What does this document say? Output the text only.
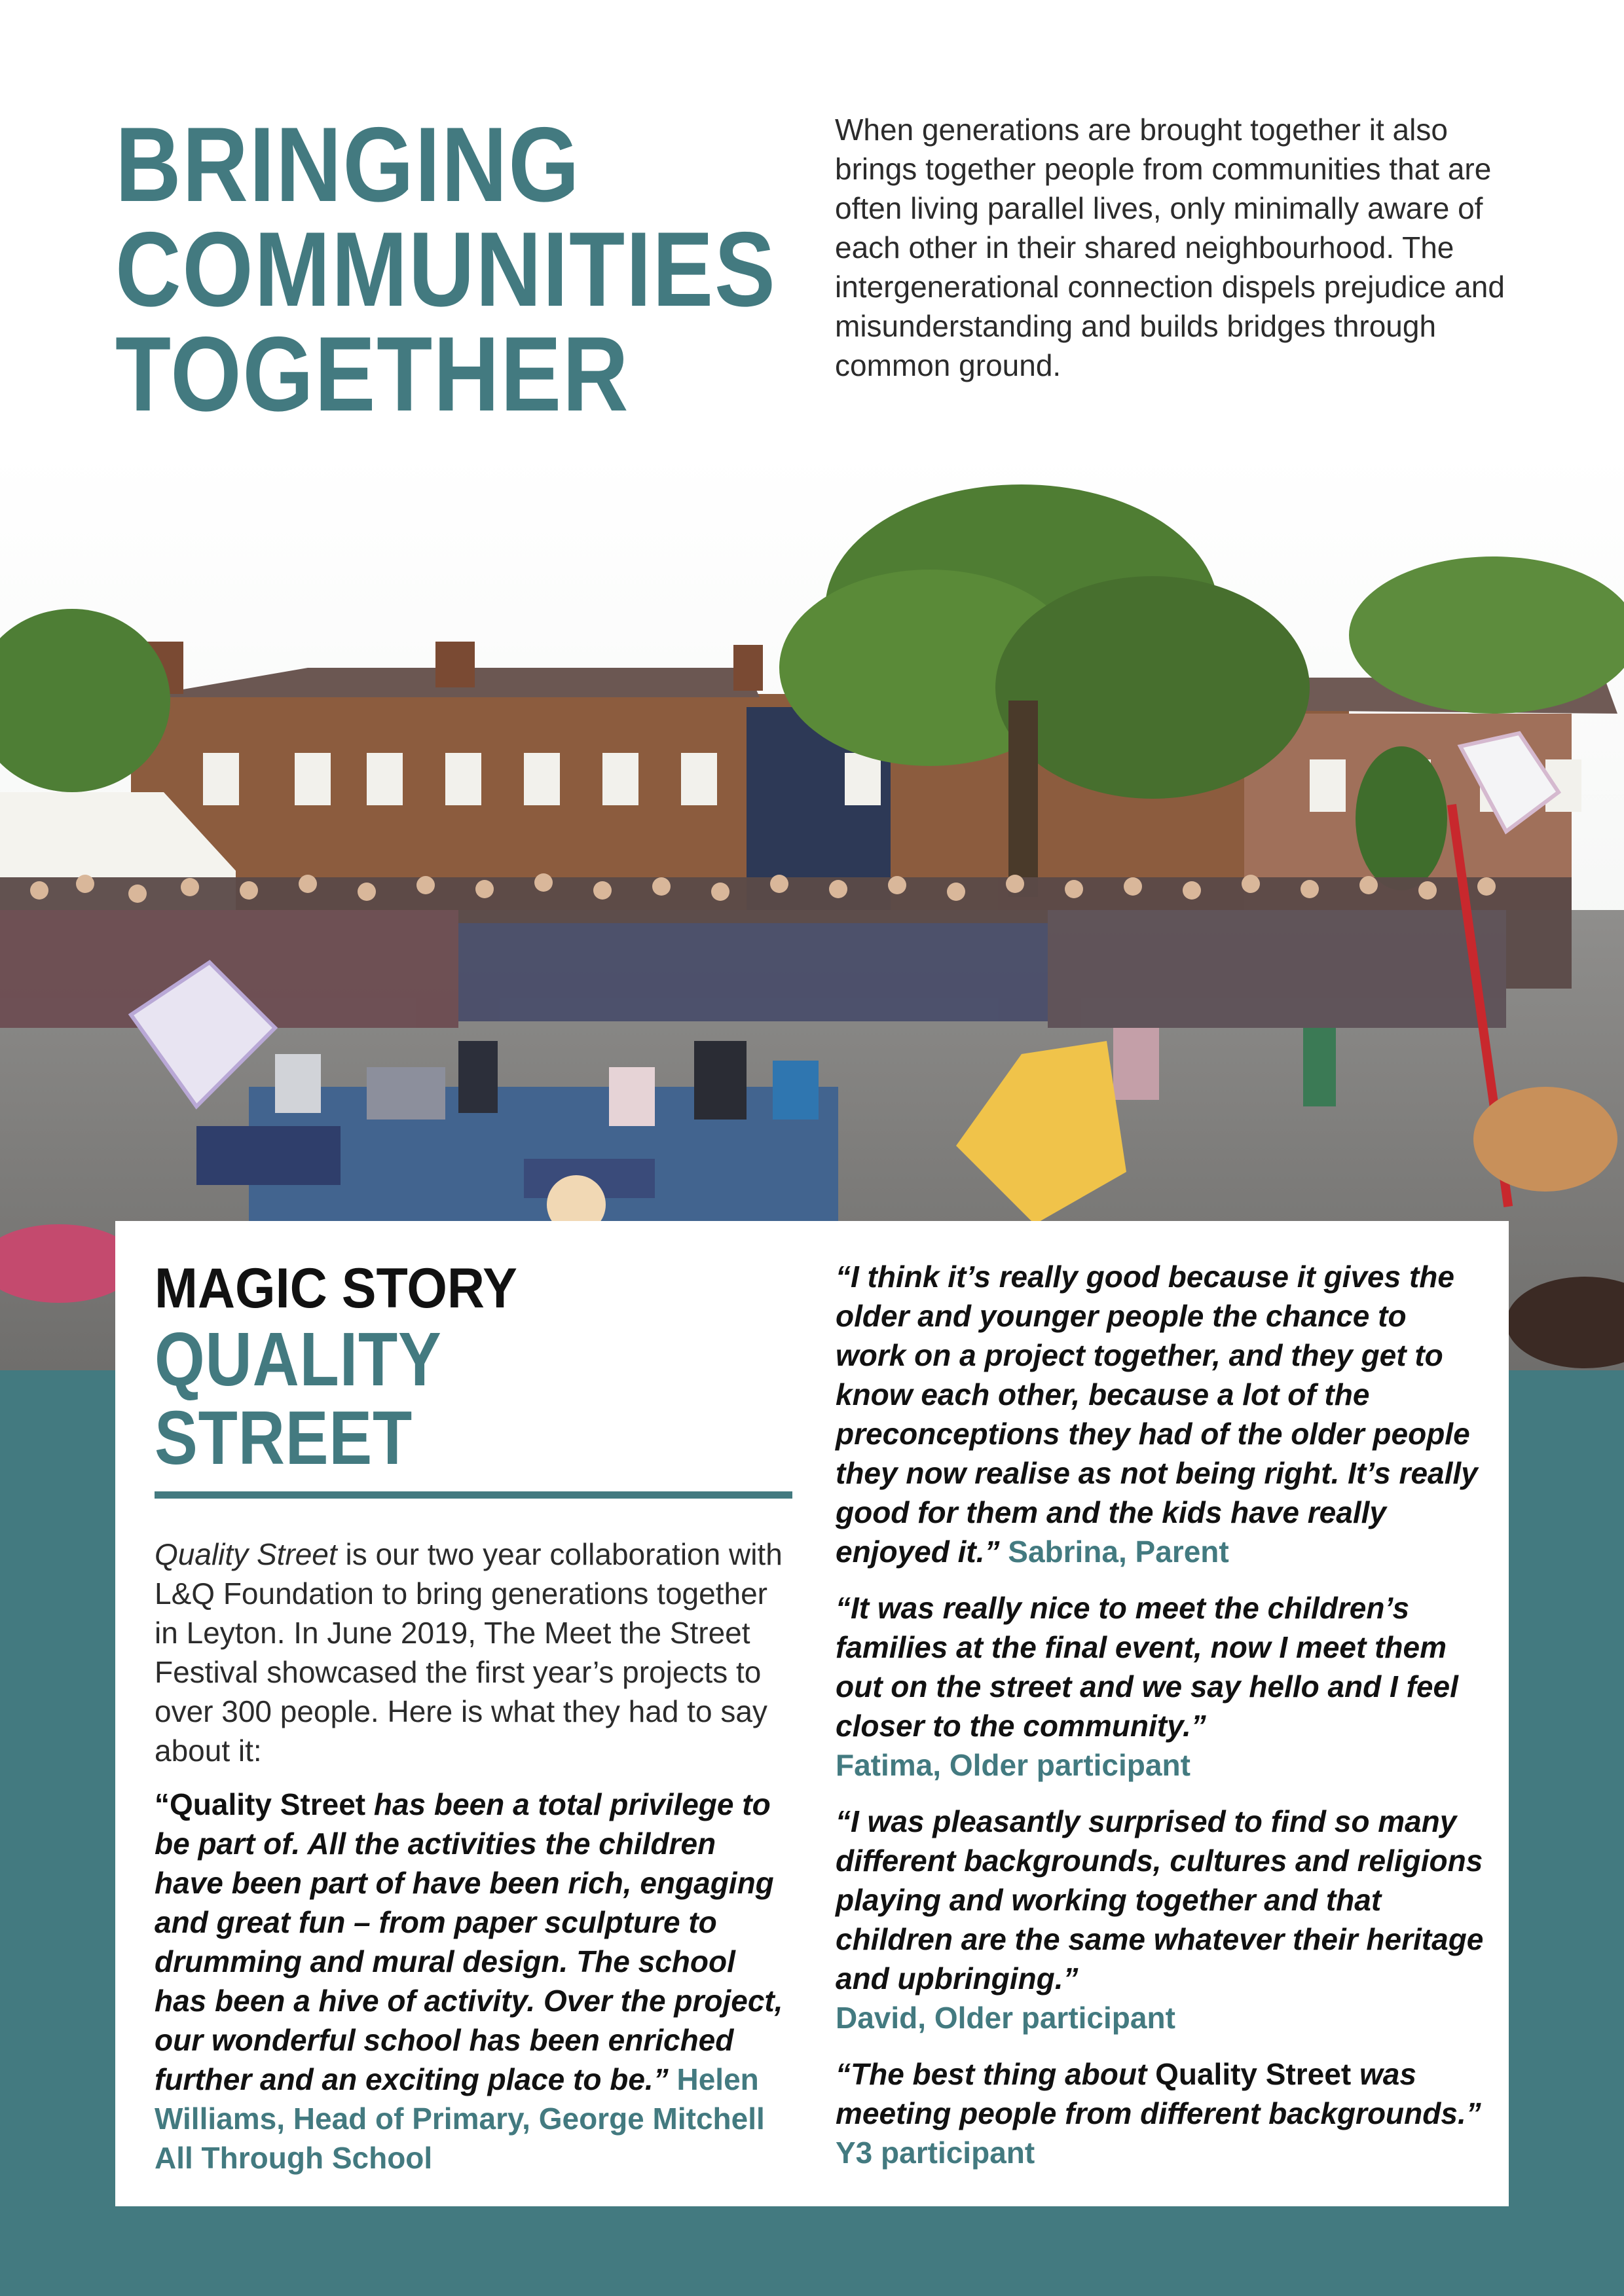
BRINGING
COMMUNITIES
TOGETHER

When generations are brought together it also brings together people from communities that are often living parallel lives, only minimally aware of each other in their shared neighbourhood. The intergenerational connection dispels prejudice and misunderstanding and builds bridges through common ground.

MAGIC STORY
QUALITY STREET

Quality Street is our two year collaboration with L&Q Foundation to bring generations together in Leyton. In June 2019, The Meet the Street Festival showcased the first year’s projects to over 300 people. Here is what they had to say about it:

“Quality Street has been a total privilege to be part of. All the activities the children have been part of have been rich, engaging and great fun – from paper sculpture to drumming and mural design. The school has been a hive of activity. Over the project, our wonderful school has been enriched further and an exciting place to be.” Helen Williams, Head of Primary, George Mitchell All Through School

“I think it’s really good because it gives the older and younger people the chance to work on a project together, and they get to know each other, because a lot of the preconceptions they had of the older people they now realise as not being right. It’s really good for them and the kids have really enjoyed it.” Sabrina, Parent

“It was really nice to meet the children’s families at the final event, now I meet them out on the street and we say hello and I feel closer to the community.”
Fatima, Older participant

“I was pleasantly surprised to find so many different backgrounds, cultures and religions playing and working together and that children are the same whatever their heritage and upbringing.”
David, Older participant

“The best thing about Quality Street was meeting people from different backgrounds.” Y3 participant
